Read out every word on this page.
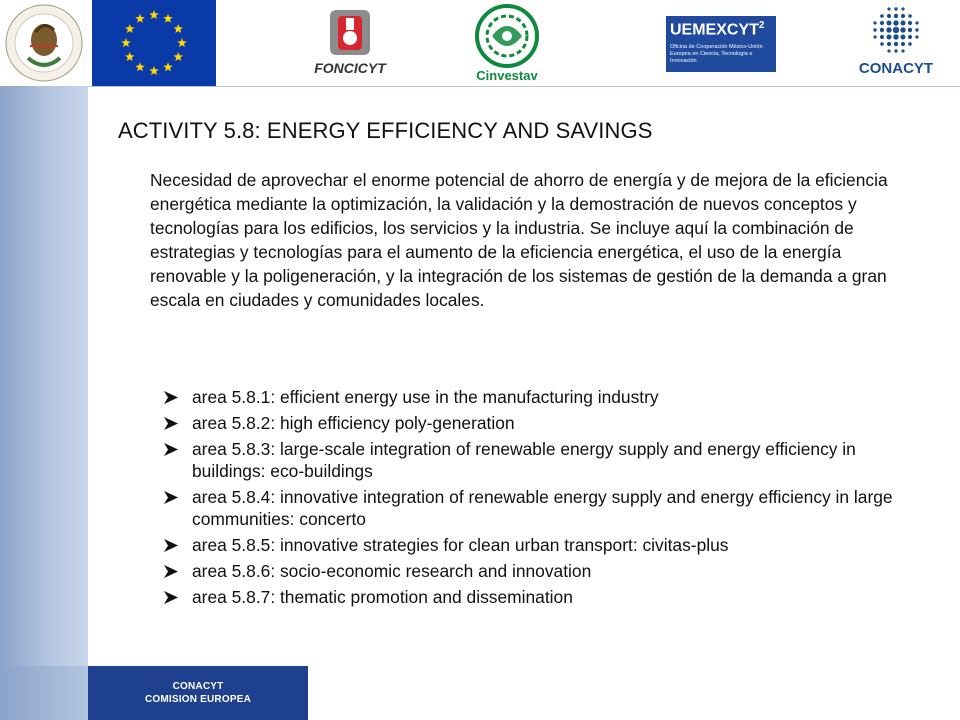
FONCICYT	Cinvestav
UEMEXCYT$^2$
Oficina de Cooperación México-Unión Europea en Ciencia, Tecnología e Innovación	CONACYT
ACTIVITY 5.8: ENERGY EFFICIENCY AND SAVINGS
Necesidad de aprovechar el enorme potencial de ahorro de energía y de mejora de la eficiencia energética mediante la optimización, la validación y la demostración de nuevos conceptos y tecnologías para los edificios, los servicios y la industria. Se incluye aquí la combinación de estrategias y tecnologías para el aumento de la eficiencia energética, el uso de la energía renovable y la poligeneración, y la integración de los sistemas de gestión de la demanda a gran escala en ciudades y comunidades locales.
area 5.8.1: efficient energy use in the manufacturing industry
area 5.8.2: high efficiency poly-generation
area 5.8.3: large-scale integration of renewable energy supply and energy efficiency in buildings: eco-buildings
area 5.8.4: innovative integration of renewable energy supply and energy efficiency in large communities: concerto
area 5.8.5: innovative strategies for clean urban transport: civitas-plus
area 5.8.6: socio-economic research and innovation
area 5.8.7: thematic promotion and dissemination
CONACYT
COMISION EUROPEA
